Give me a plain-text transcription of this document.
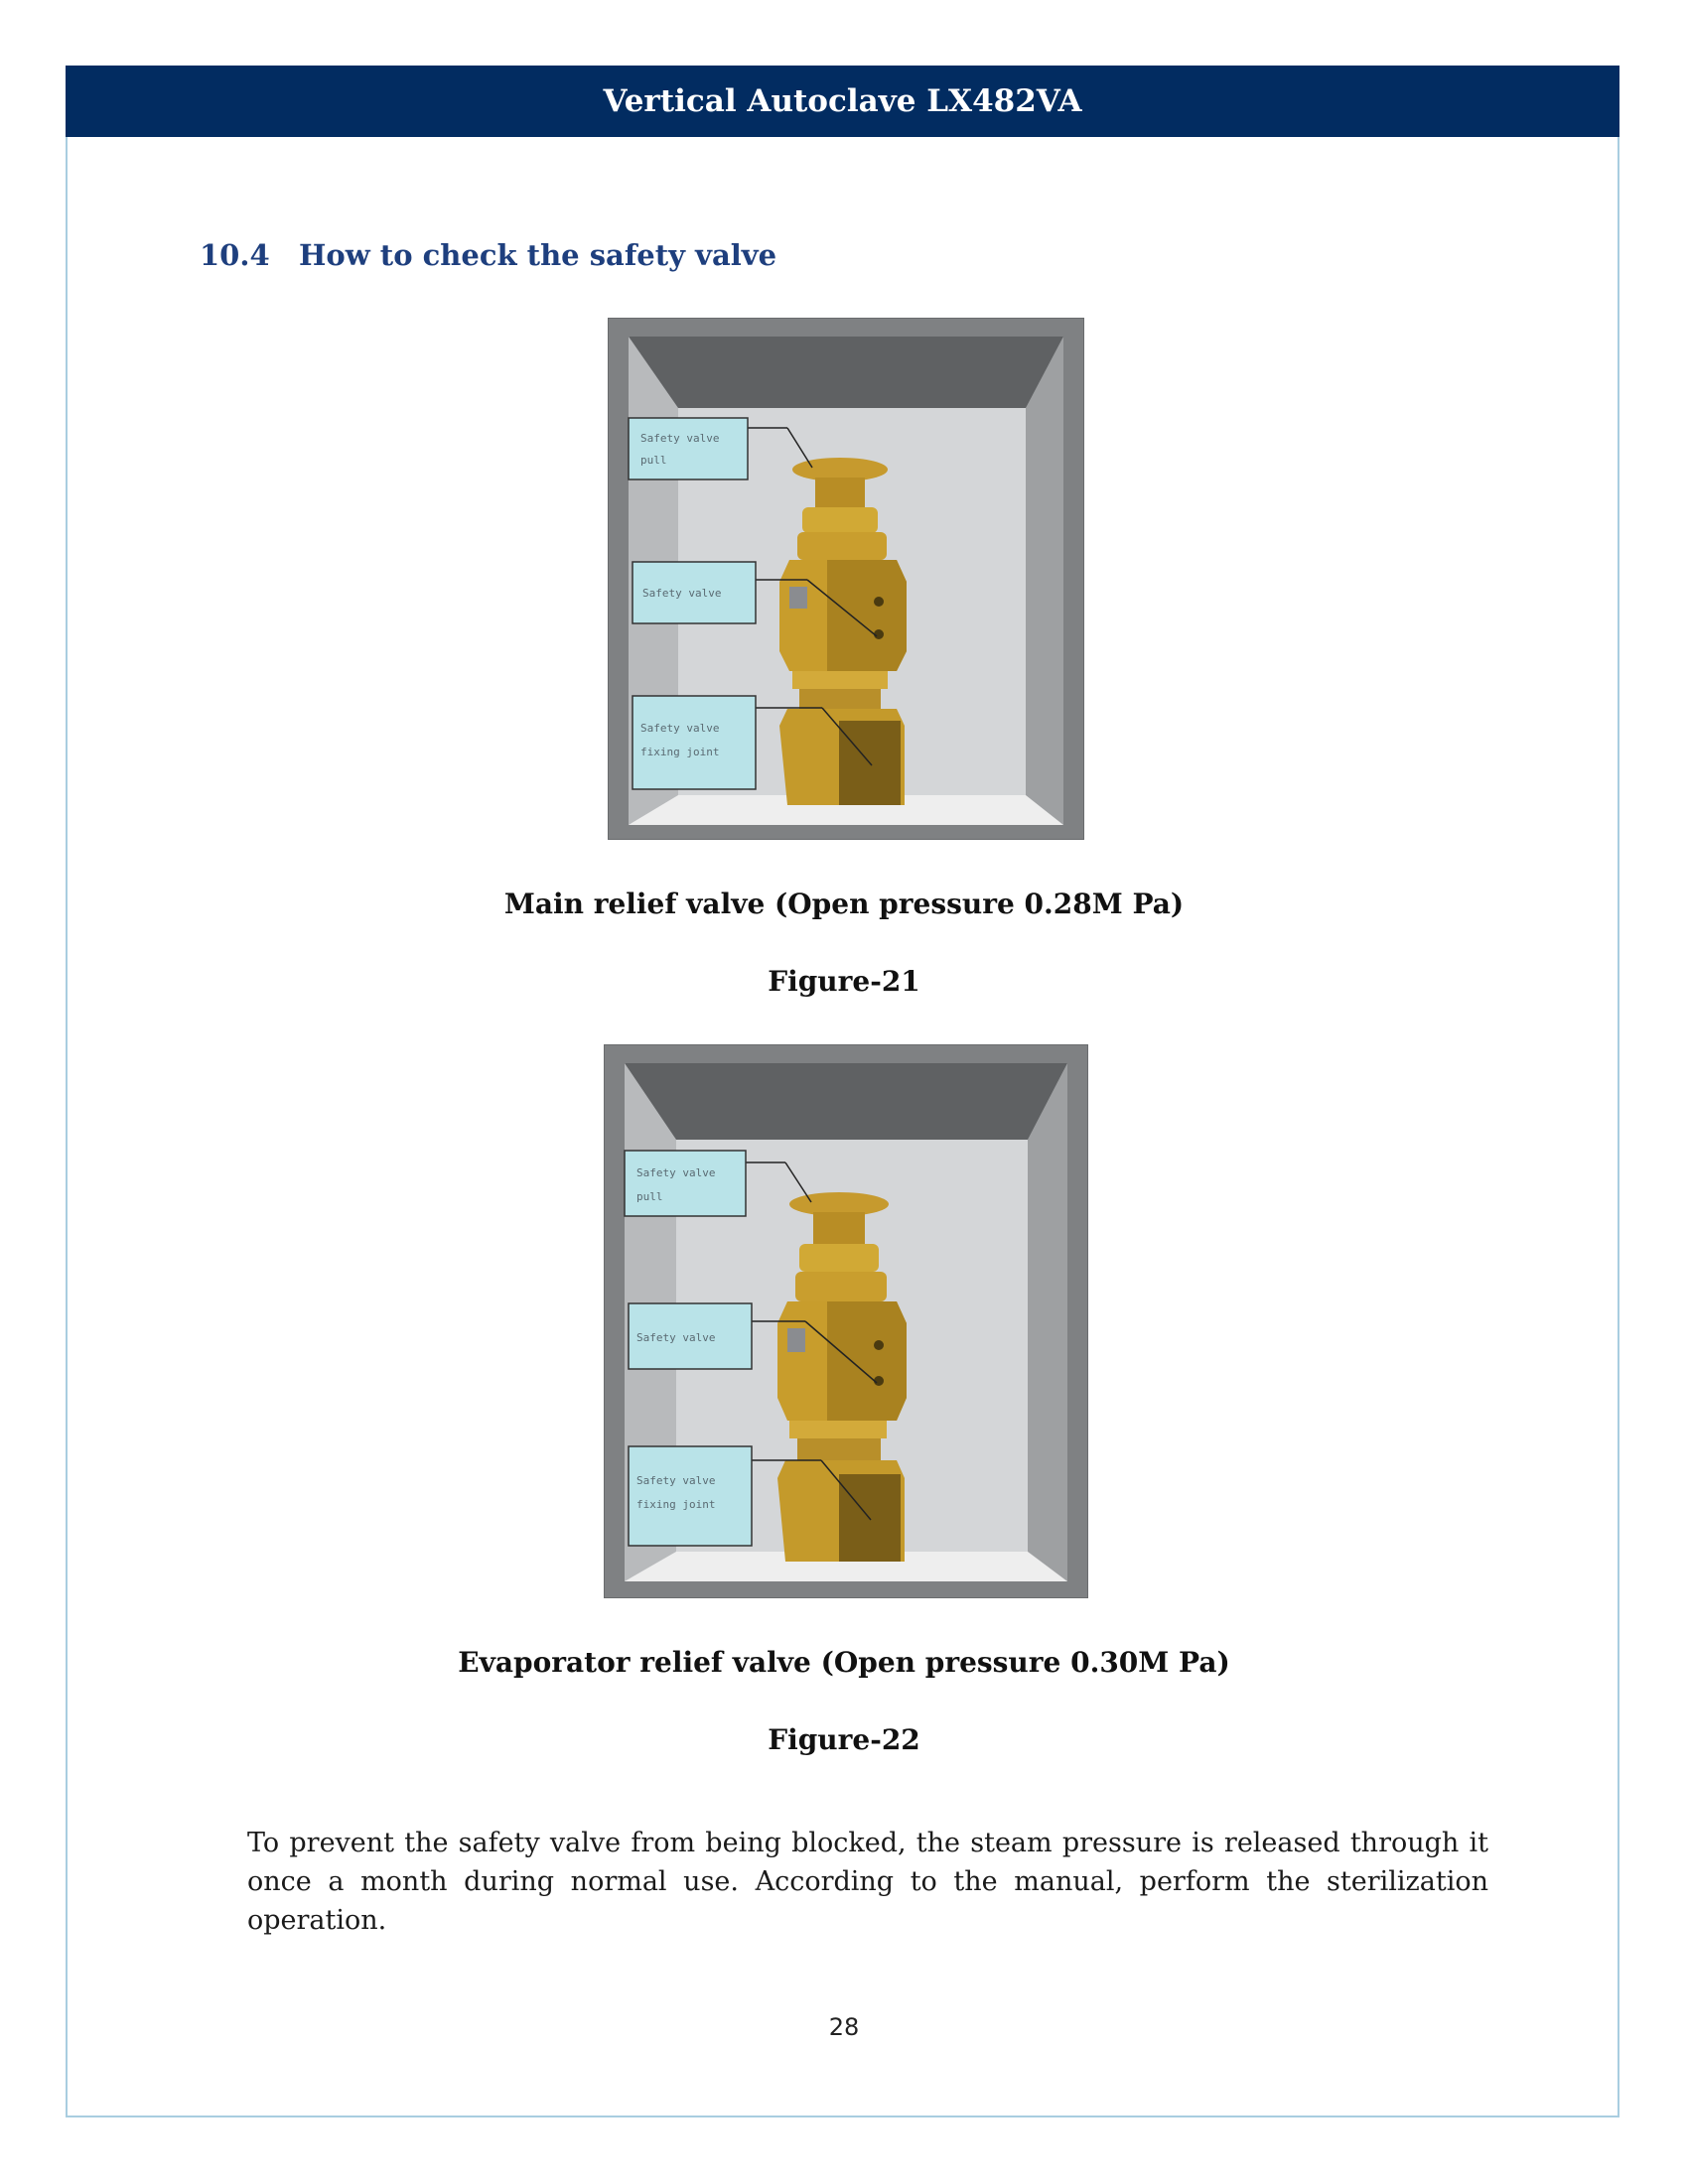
Vertical Autoclave LX482VA
10.4 How to check the safety valve
Safety valve
pull
Safety valve
Safety valve
fixing joint
Main relief valve (Open pressure 0.28M Pa)
Figure-21
Safety valve
pull
Safety valve
Safety valve
fixing joint
Evaporator relief valve (Open pressure 0.30M Pa)
Figure-22

To prevent the safety valve from being blocked, the steam pressure is released through it once a month during normal use. According to the manual, perform the sterilization operation.

28
